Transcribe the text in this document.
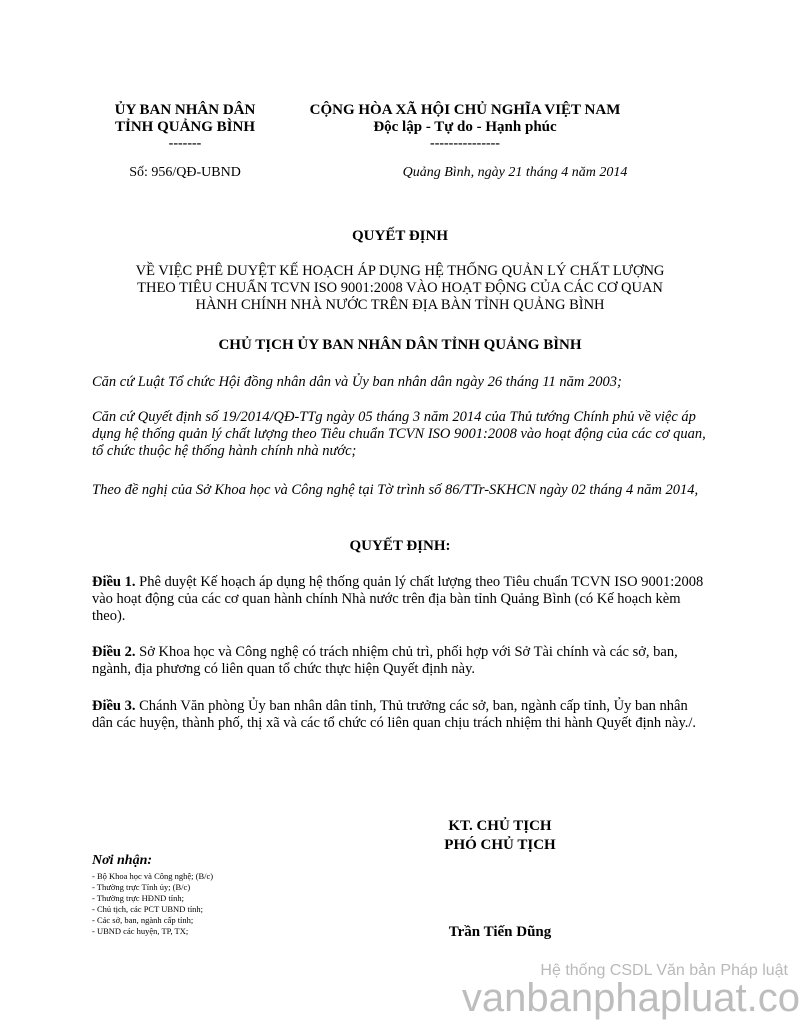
ỦY BAN NHÂN DÂN
TỈNH QUẢNG BÌNH
-------
CỘNG HÒA XÃ HỘI CHỦ NGHĨA VIỆT NAM
Độc lập - Tự do - Hạnh phúc
---------------
Số: 956/QĐ-UBND	Quảng Bình, ngày 21 tháng 4 năm 2014
QUYẾT ĐỊNH
VỀ VIỆC PHÊ DUYỆT KẾ HOẠCH ÁP DỤNG HỆ THỐNG QUẢN LÝ CHẤT LƯỢNG
THEO TIÊU CHUẨN TCVN ISO 9001:2008 VÀO HOẠT ĐỘNG CỦA CÁC CƠ QUAN
HÀNH CHÍNH NHÀ NƯỚC TRÊN ĐỊA BÀN TỈNH QUẢNG BÌNH
CHỦ TỊCH ỦY BAN NHÂN DÂN TỈNH QUẢNG BÌNH
Căn cứ Luật Tổ chức Hội đồng nhân dân và Ủy ban nhân dân ngày 26 tháng 11 năm 2003;
Căn cứ Quyết định số 19/2014/QĐ-TTg ngày 05 tháng 3 năm 2014 của Thủ tướng Chính phủ về việc áp dụng hệ thống quản lý chất lượng theo Tiêu chuẩn TCVN ISO 9001:2008 vào hoạt động của các cơ quan, tổ chức thuộc hệ thống hành chính nhà nước;
Theo đề nghị của Sở Khoa học và Công nghệ tại Tờ trình số 86/TTr-SKHCN ngày 02 tháng 4 năm 2014,
QUYẾT ĐỊNH:
Điều 1. Phê duyệt Kế hoạch áp dụng hệ thống quản lý chất lượng theo Tiêu chuẩn TCVN ISO 9001:2008 vào hoạt động của các cơ quan hành chính Nhà nước trên địa bàn tỉnh Quảng Bình (có Kế hoạch kèm theo).
Điều 2. Sở Khoa học và Công nghệ có trách nhiệm chủ trì, phối hợp với Sở Tài chính và các sở, ban, ngành, địa phương có liên quan tổ chức thực hiện Quyết định này.
Điều 3. Chánh Văn phòng Ủy ban nhân dân tỉnh, Thủ trưởng các sở, ban, ngành cấp tỉnh, Ủy ban nhân dân các huyện, thành phố, thị xã và các tổ chức có liên quan chịu trách nhiệm thi hành Quyết định này./.
KT. CHỦ TỊCH
PHÓ CHỦ TỊCH
Trần Tiến Dũng
Nơi nhận:
- Bộ Khoa học và Công nghệ; (B/c)
- Thường trực Tỉnh ủy; (B/c)
- Thường trực HĐND tỉnh;
- Chủ tịch, các PCT UBND tỉnh;
- Các sở, ban, ngành cấp tỉnh;
- UBND các huyện, TP, TX;
Hệ thống CSDL Văn bản Pháp luật
vanbanphapluat.co
